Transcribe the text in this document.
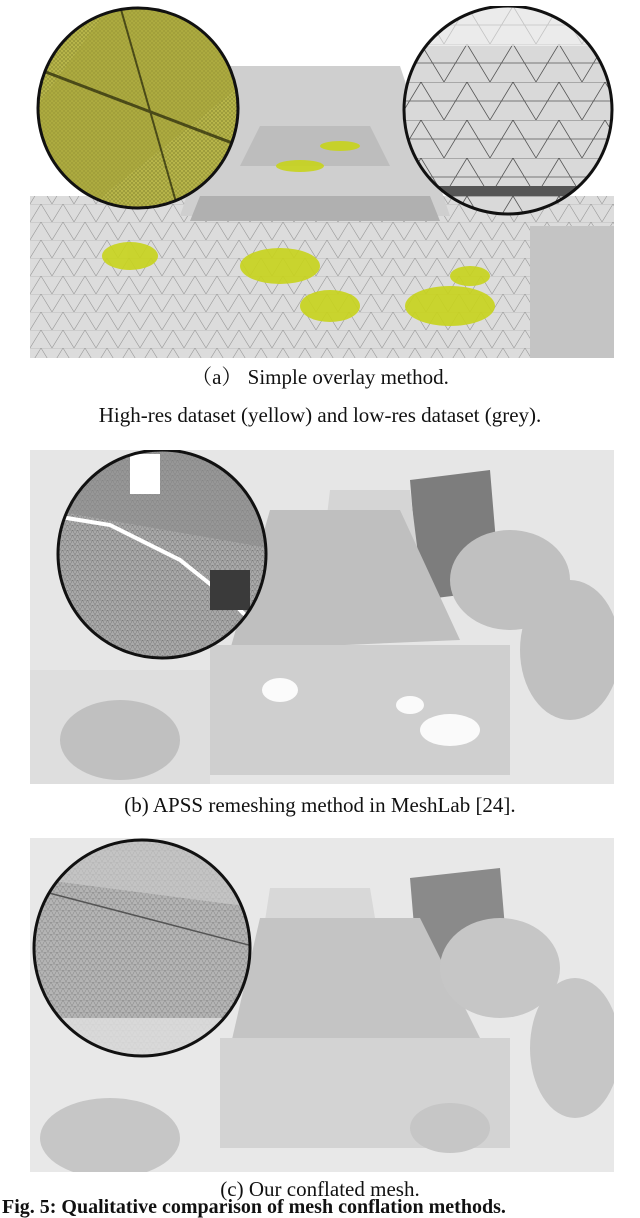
（a） Simple overlay method.
High-res dataset (yellow) and low-res dataset (grey).
(b) APSS remeshing method in MeshLab [24].
(c) Our conflated mesh.
Fig. 5: Qualitative comparison of mesh conflation methods.
